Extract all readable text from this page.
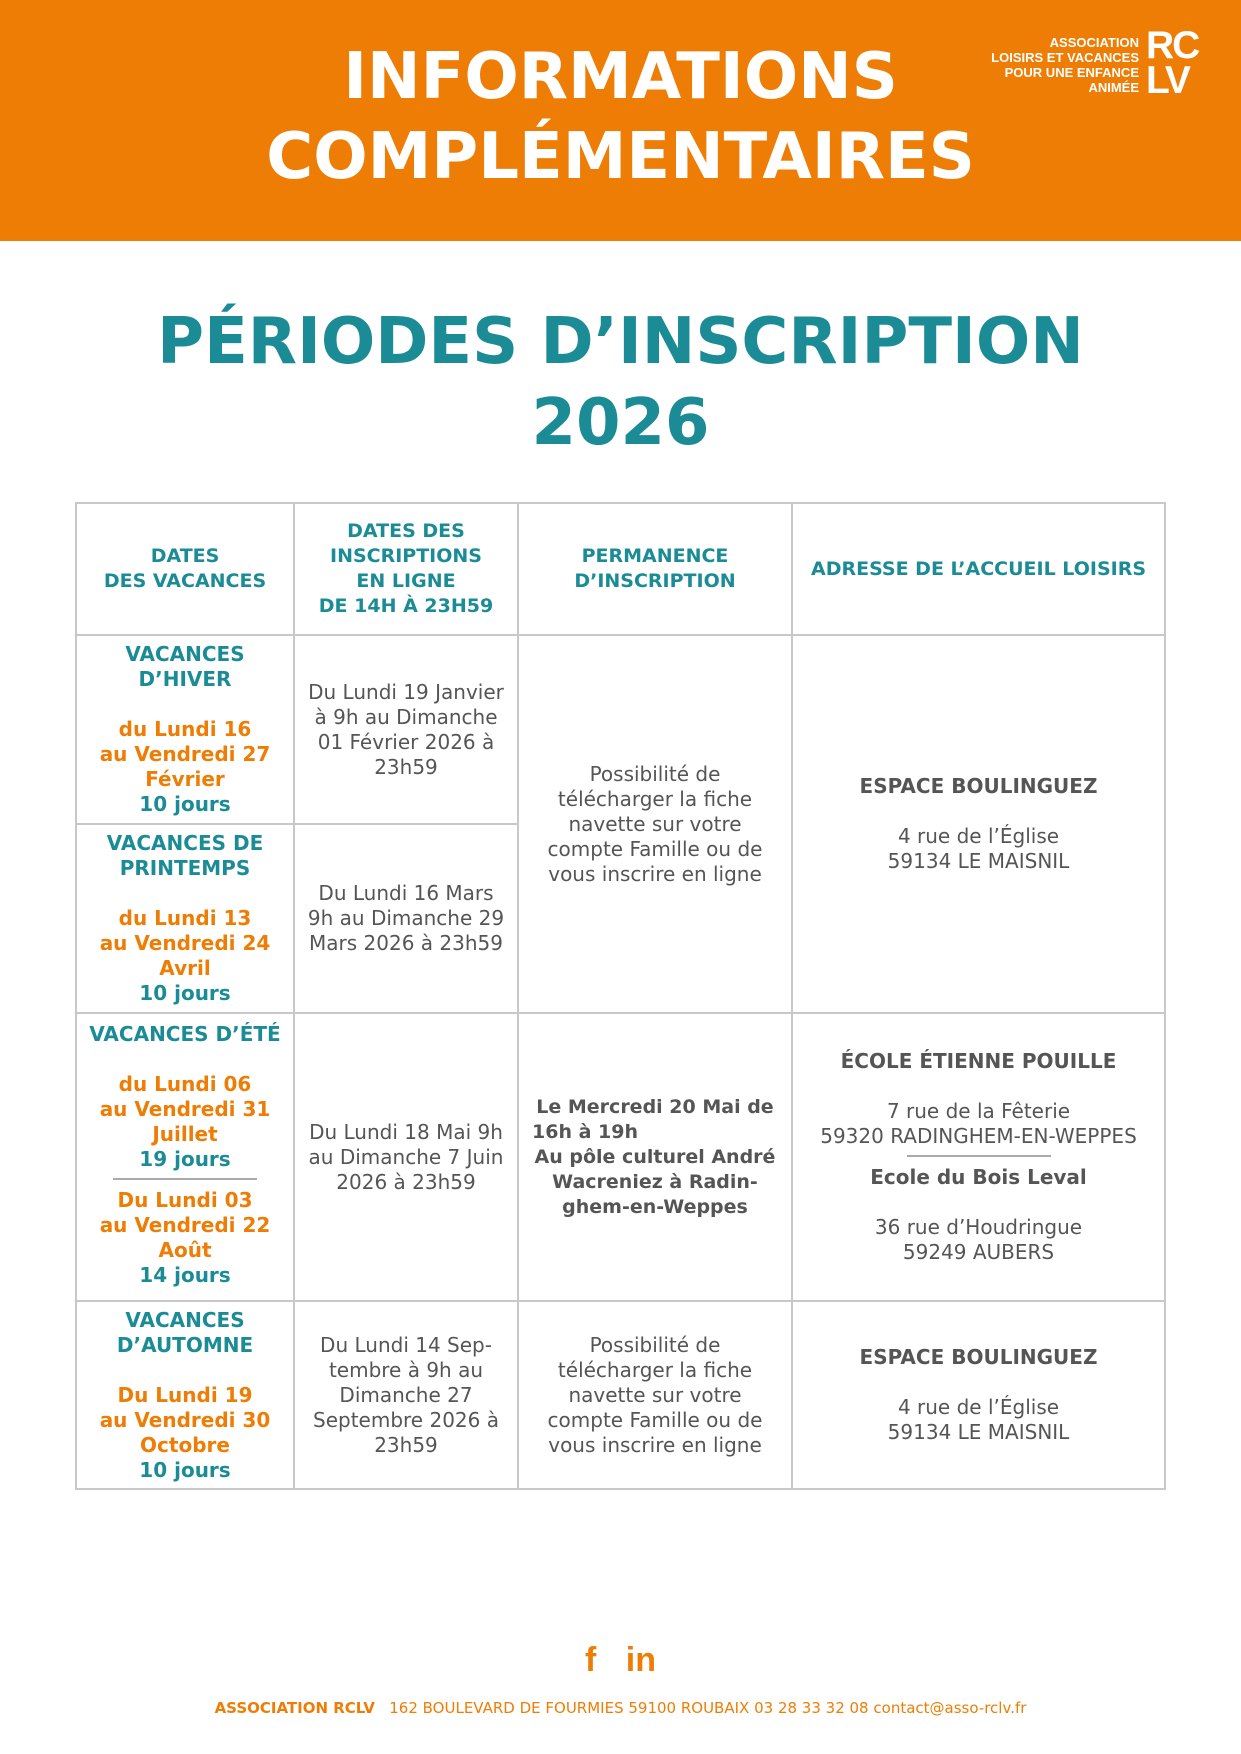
INFORMATIONS
COMPLÉMENTAIRES
ASSOCIATION
LOISIRS ET VACANCES
POUR UNE ENFANCE
ANIMÉE
RC
LV
PÉRIODES D’INSCRIPTION
2026
DATES
DES VACANCES
DATES DES
INSCRIPTIONS
EN LIGNE
DE 14H À 23H59
PERMANENCE
D’INSCRIPTION
ADRESSE DE L’ACCUEIL LOISIRS
VACANCES
D’HIVER
du Lundi 16
au Vendredi 27
Février
10 jours
Du Lundi 19 Janvier
à 9h au Dimanche
01 Février 2026 à
23h59
VACANCES DE
PRINTEMPS
du Lundi 13
au Vendredi 24
Avril
10 jours
Du Lundi 16 Mars
9h au Dimanche 29
Mars 2026 à 23h59
Possibilité de
télécharger la fiche
navette sur votre
compte Famille ou de
vous inscrire en ligne
ESPACE BOULINGUEZ
4 rue de l’Église
59134 LE MAISNIL
VACANCES D’ÉTÉ
du Lundi 06
au Vendredi 31
Juillet
19 jours
Du Lundi 03
au Vendredi 22
Août
14 jours
Du Lundi 18 Mai 9h
au Dimanche 7 Juin
2026 à 23h59
Le Mercredi 20 Mai de
16h à 19h
Au pôle culturel André
Wacreniez à Radin-
ghem-en-Weppes
ÉCOLE ÉTIENNE POUILLE
7 rue de la Fêterie
59320 RADINGHEM-EN-WEPPES
Ecole du Bois Leval
36 rue d’Houdringue
59249 AUBERS
VACANCES
D’AUTOMNE
Du Lundi 19
au Vendredi 30
Octobre
10 jours
Du Lundi 14 Sep-
tembre à 9h au
Dimanche 27
Septembre 2026 à
23h59
Possibilité de
télécharger la fiche
navette sur votre
compte Famille ou de
vous inscrire en ligne
ESPACE BOULINGUEZ
4 rue de l’Église
59134 LE MAISNIL
f in
ASSOCIATION RCLV 162 BOULEVARD DE FOURMIES 59100 ROUBAIX 03 28 33 32 08 contact@asso-rclv.fr
